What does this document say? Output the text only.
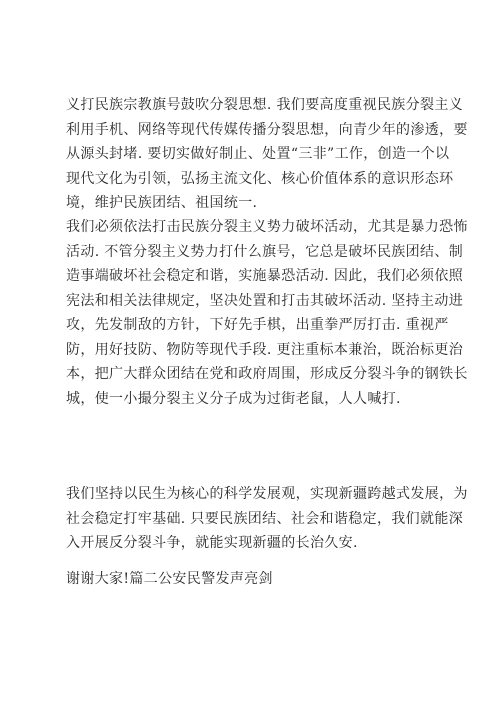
义打民族宗教旗号鼓吹分裂思想. 我们要高度重视民族分裂主义
利用手机、网络等现代传媒传播分裂思想，向青少年的渗透，要
从源头封堵. 要切实做好制止、处置“三非”工作，创造一个以
现代文化为引领，弘扬主流文化、核心价值体系的意识形态环
境，维护民族团结、祖国统一.
我们必须依法打击民族分裂主义势力破坏活动，尤其是暴力恐怖
活动. 不管分裂主义势力打什么旗号，它总是破坏民族团结、制
造事端破坏社会稳定和谐，实施暴恐活动. 因此，我们必须依照
宪法和相关法律规定，坚决处置和打击其破坏活动. 坚持主动进
攻，先发制敌的方针，下好先手棋，出重拳严厉打击. 重视严
防，用好技防、物防等现代手段. 更注重标本兼治，既治标更治
本，把广大群众团结在党和政府周围，形成反分裂斗争的钢铁长
城，使一小撮分裂主义分子成为过街老鼠，人人喊打.
我们坚持以民生为核心的科学发展观，实现新疆跨越式发展，为
社会稳定打牢基础. 只要民族团结、社会和谐稳定，我们就能深
入开展反分裂斗争，就能实现新疆的长治久安.
谢谢大家!篇二公安民警发声亮剑
